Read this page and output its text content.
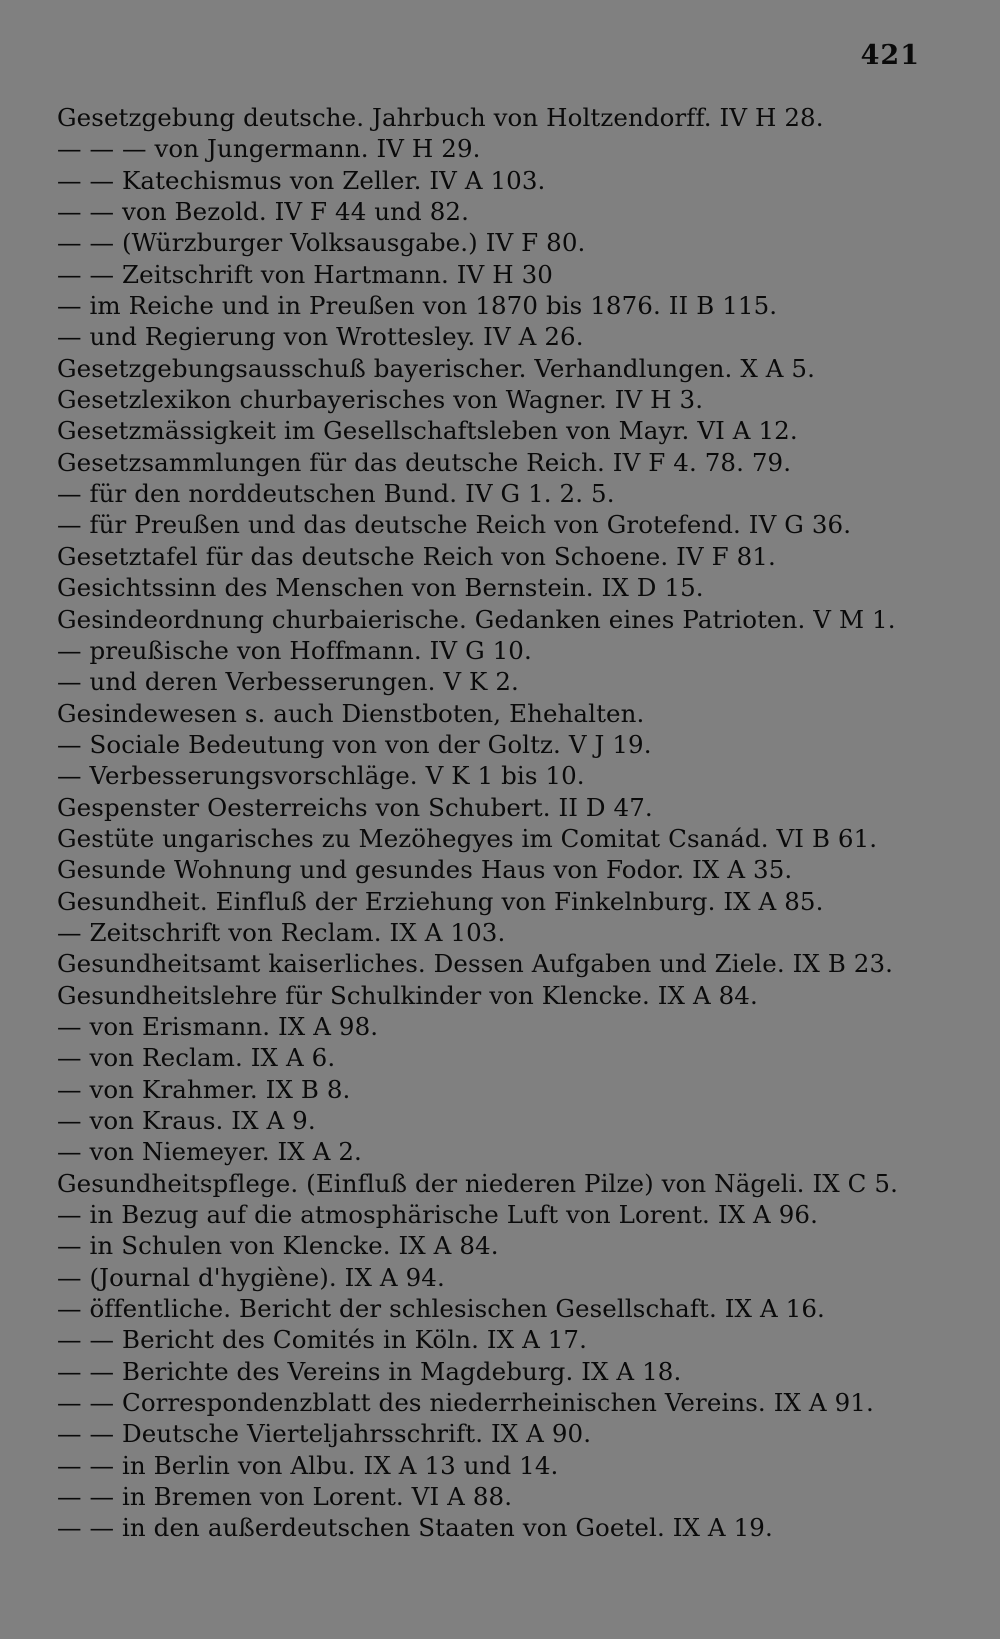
421
Gesetzgebung deutsche. Jahrbuch von Holtzendorff. IV H 28.
— — — von Jungermann. IV H 29.
— — Katechismus von Zeller. IV A 103.
— — von Bezold. IV F 44 und 82.
— — (Würzburger Volksausgabe.) IV F 80.
— — Zeitschrift von Hartmann. IV H 30
— im Reiche und in Preußen von 1870 bis 1876. II B 115.
— und Regierung von Wrottesley. IV A 26.
Gesetzgebungsausschuß bayerischer. Verhandlungen. X A 5.
Gesetzlexikon churbayerisches von Wagner. IV H 3.
Gesetzmässigkeit im Gesellschaftsleben von Mayr. VI A 12.
Gesetzsammlungen für das deutsche Reich. IV F 4. 78. 79.
— für den norddeutschen Bund. IV G 1. 2. 5.
— für Preußen und das deutsche Reich von Grotefend. IV G 36.
Gesetztafel für das deutsche Reich von Schoene. IV F 81.
Gesichtssinn des Menschen von Bernstein. IX D 15.
Gesindeordnung churbaierische. Gedanken eines Patrioten. V M 1.
— preußische von Hoffmann. IV G 10.
— und deren Verbesserungen. V K 2.
Gesindewesen s. auch Dienstboten, Ehehalten.
— Sociale Bedeutung von von der Goltz. V J 19.
— Verbesserungsvorschläge. V K 1 bis 10.
Gespenster Oesterreichs von Schubert. II D 47.
Gestüte ungarisches zu Mezöhegyes im Comitat Csanád. VI B 61.
Gesunde Wohnung und gesundes Haus von Fodor. IX A 35.
Gesundheit. Einfluß der Erziehung von Finkelnburg. IX A 85.
— Zeitschrift von Reclam. IX A 103.
Gesundheitsamt kaiserliches. Dessen Aufgaben und Ziele. IX B 23.
Gesundheitslehre für Schulkinder von Klencke. IX A 84.
— von Erismann. IX A 98.
— von Reclam. IX A 6.
— von Krahmer. IX B 8.
— von Kraus. IX A 9.
— von Niemeyer. IX A 2.
Gesundheitspflege. (Einfluß der niederen Pilze) von Nägeli. IX C 5.
— in Bezug auf die atmosphärische Luft von Lorent. IX A 96.
— in Schulen von Klencke. IX A 84.
— (Journal d'hygiène). IX A 94.
— öffentliche. Bericht der schlesischen Gesellschaft. IX A 16.
— — Bericht des Comités in Köln. IX A 17.
— — Berichte des Vereins in Magdeburg. IX A 18.
— — Correspondenzblatt des niederrheinischen Vereins. IX A 91.
— — Deutsche Vierteljahrsschrift. IX A 90.
— — in Berlin von Albu. IX A 13 und 14.
— — in Bremen von Lorent. VI A 88.
— — in den außerdeutschen Staaten von Goetel. IX A 19.
